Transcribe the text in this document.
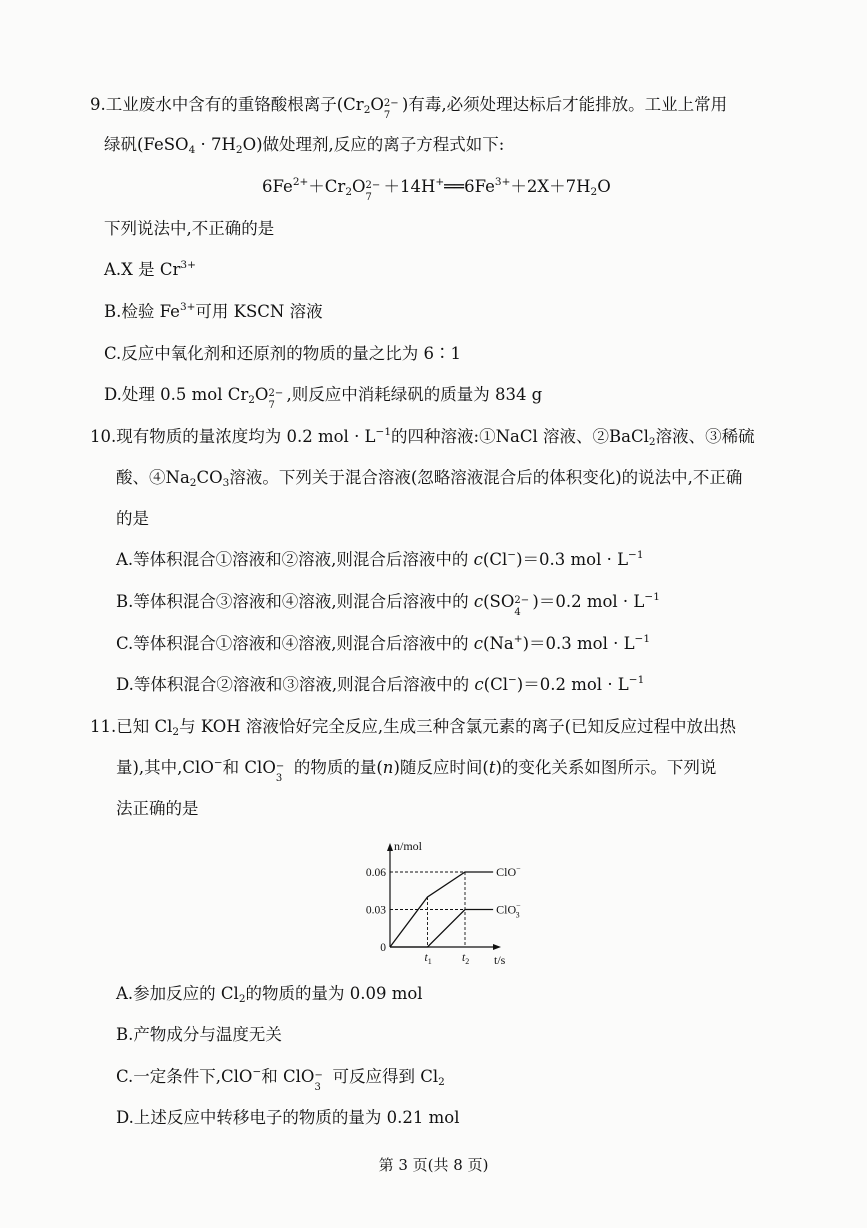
9.工业废水中含有的重铬酸根离子($Cr_2O$ 2−
7
)有毒,必须处理达标后才能排放。工业上常用
绿矾(FeSO$_4$ · $7H_2O$)做处理剂,反应的离子方程式如下:
$6Fe^{2+}+Cr_2O$ 2−
7
$+14H^+══6Fe^{3+}+2X+7H_2O$
下列说法中,不正确的是
A.X 是 $Cr^{3+}$
B.检验 $Fe^{3+}$可用 KSCN 溶液
C.反应中氧化剂和还原剂的物质的量之比为 6∶1
D.处理 0.5 mol $Cr_2O$ 2−
7
,则反应中消耗绿矾的质量为 834 g
10.现有物质的量浓度均为 0.2 mol · $L^{-1}$的四种溶液:①NaCl 溶液、②BaCl$_2$溶液、③稀硫
酸、$④Na_2CO_3$溶液。下列关于混合溶液(忽略溶液混合后的体积变化)的说法中,不正确
的是
A.等体积混合①溶液和②溶液,则混合后溶液中的 c(Cl−)＝0.3 mol · $L^{-1}$
B.等体积混合③溶液和④溶液,则混合后溶液中的 c(SO 2−
4
)＝0.2 mol · $L^{-1}$
C.等体积混合①溶液和④溶液,则混合后溶液中的 c(Na+)＝0.3 mol · $L^{-1}$
D.等体积混合②溶液和③溶液,则混合后溶液中的 c(Cl−)＝0.2 mol · $L^{-1}$
11.已知 $Cl_2$与 KOH 溶液恰好完全反应,生成三种含氯元素的离子(已知反应过程中放出热
量),其中,ClO−和 ClO −
3
的物质的量(n)随反应时间(t)的变化关系如图所示。下列说
法正确的是
ClO−
ClO− 3
0.06
0.03
0
$t_1$	$t_2$
n/mol
t/s
A.参加反应的 $Cl_2$的物质的量为 0.09 mol
B.产物成分与温度无关
C.一定条件下,ClO−和 ClO −
3
可反应得到 $Cl_2$
D.上述反应中转移电子的物质的量为 0.21 mol
第 3 页(共 8 页)
